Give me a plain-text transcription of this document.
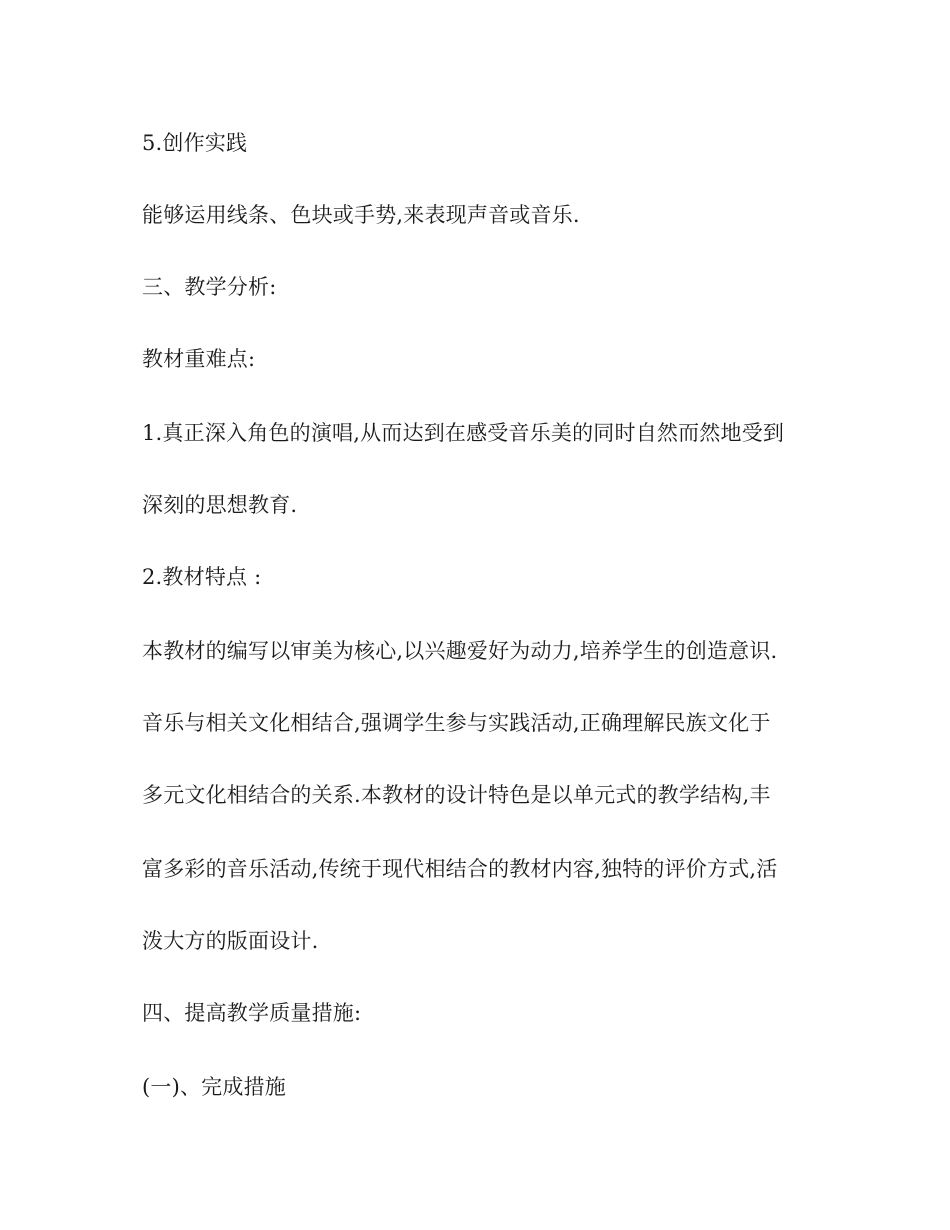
5.创作实践
能够运用线条、色块或手势,来表现声音或音乐.
三、教学分析:
教材重难点:
1.真正深入角色的演唱,从而达到在感受音乐美的同时自然而然地受到
深刻的思想教育.
2.教材特点 :
本教材的编写以审美为核心,以兴趣爱好为动力,培养学生的创造意识.
音乐与相关文化相结合,强调学生参与实践活动,正确理解民族文化于
多元文化相结合的关系.本教材的设计特色是以单元式的教学结构,丰
富多彩的音乐活动,传统于现代相结合的教材内容,独特的评价方式,活
泼大方的版面设计.
四、提高教学质量措施:
(一)、完成措施
